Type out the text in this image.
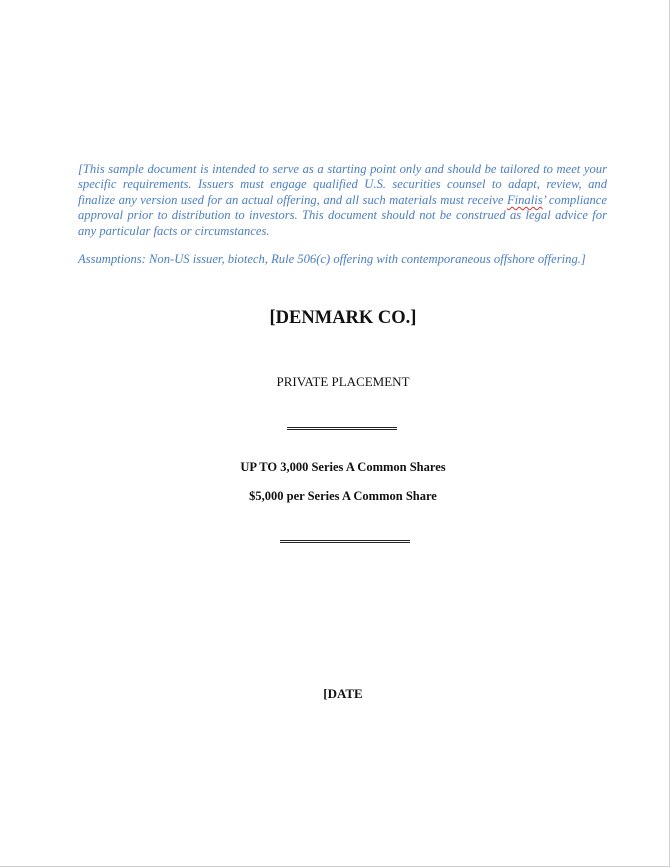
[This sample document is intended to serve as a starting point only and should be tailored to meet your specific requirements. Issuers must engage qualified U.S. securities counsel to adapt, review, and finalize any version used for an actual offering, and all such materials must receive Finalis’ compliance approval prior to distribution to investors. This document should not be construed as legal advice for any particular facts or circumstances.
Assumptions: Non-US issuer, biotech, Rule 506(c) offering with contemporaneous offshore offering.]
[DENMARK CO.]
PRIVATE PLACEMENT
UP TO 3,000 Series A Common Shares
$5,000 per Series A Common Share
[DATE
